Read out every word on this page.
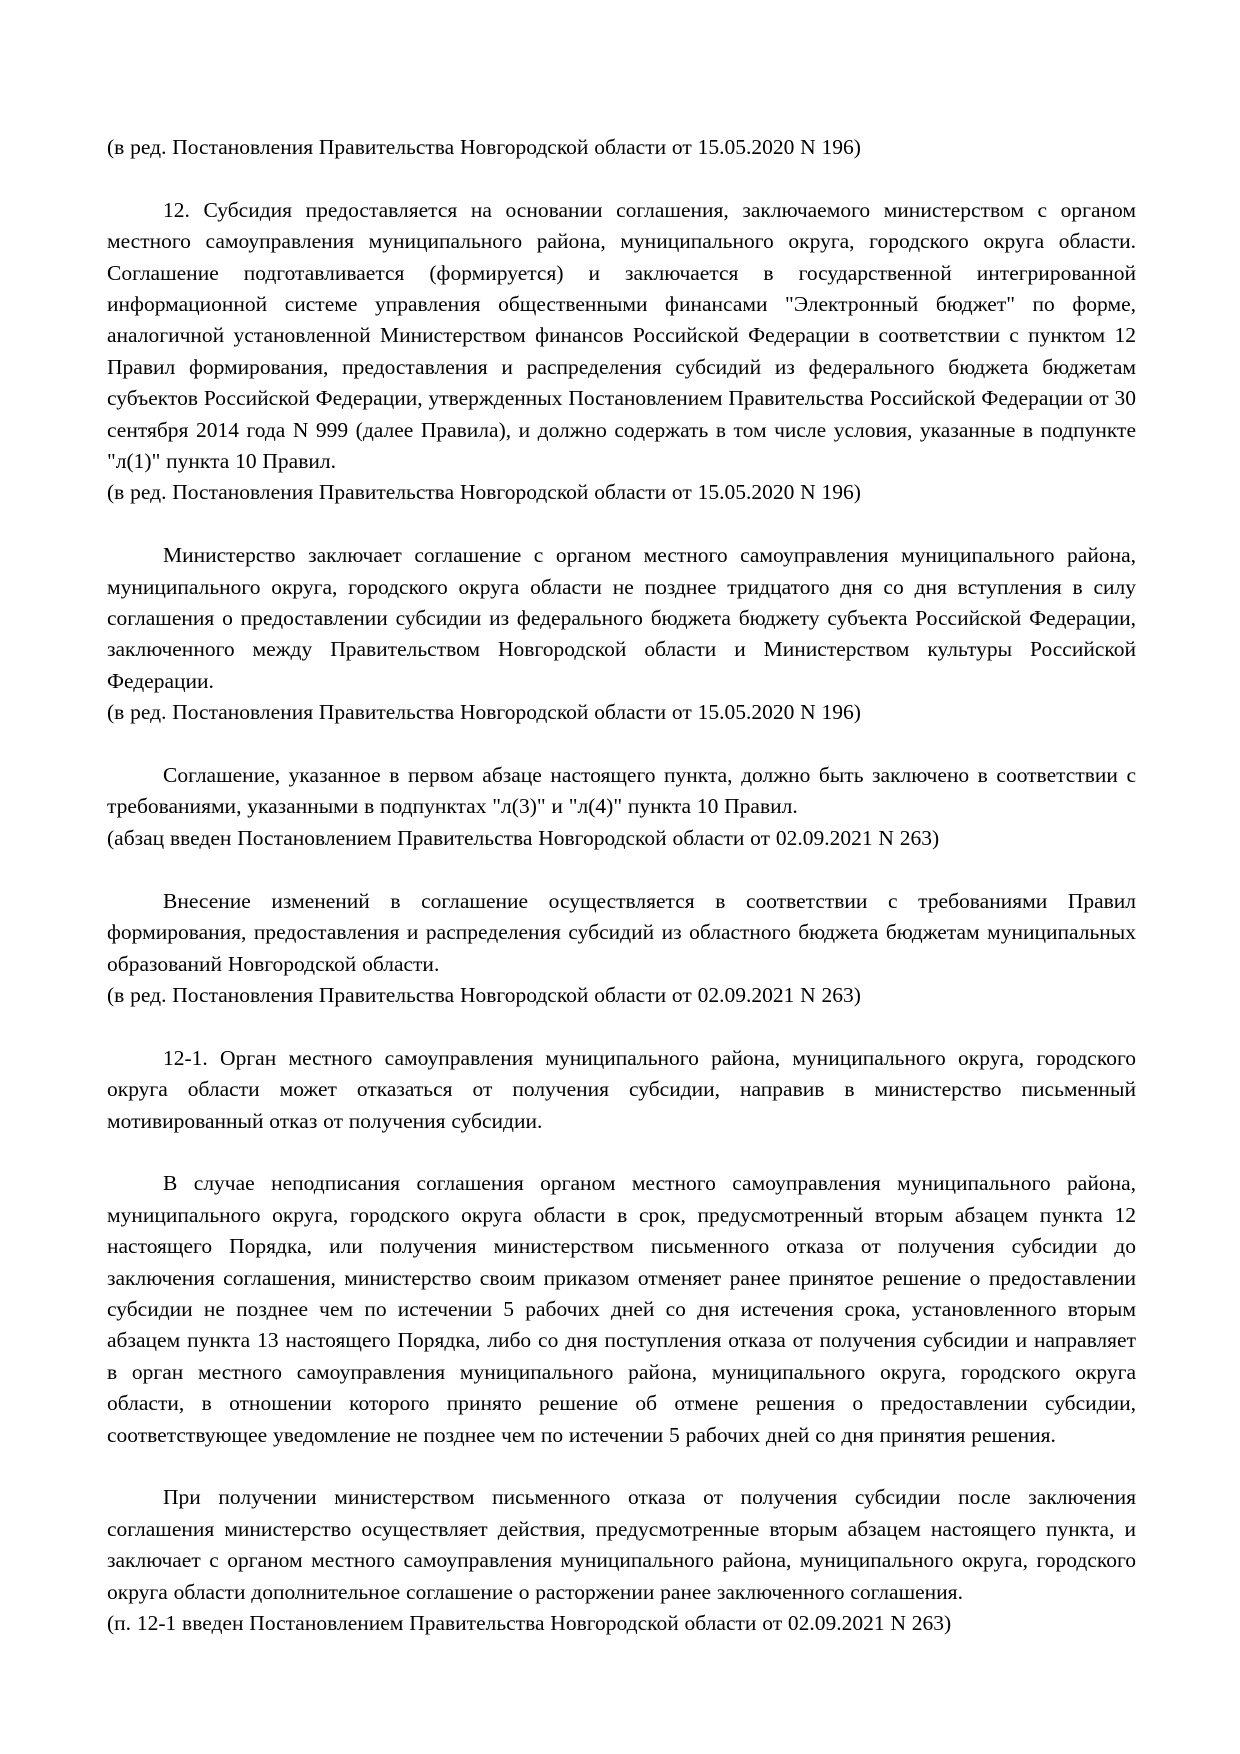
(в ред. Постановления Правительства Новгородской области от 15.05.2020 N 196)

12. Субсидия предоставляется на основании соглашения, заключаемого министерством с органом местного самоуправления муниципального района, муниципального округа, городского округа области. Соглашение подготавливается (формируется) и заключается в государственной интегрированной информационной системе управления общественными финансами "Электронный бюджет" по форме, аналогичной установленной Министерством финансов Российской Федерации в соответствии с пунктом 12 Правил формирования, предоставления и распределения субсидий из федерального бюджета бюджетам субъектов Российской Федерации, утвержденных Постановлением Правительства Российской Федерации от 30 сентября 2014 года N 999 (далее Правила), и должно содержать в том числе условия, указанные в подпункте "л(1)" пункта 10 Правил.

(в ред. Постановления Правительства Новгородской области от 15.05.2020 N 196)

Министерство заключает соглашение с органом местного самоуправления муниципального района, муниципального округа, городского округа области не позднее тридцатого дня со дня вступления в силу соглашения о предоставлении субсидии из федерального бюджета бюджету субъекта Российской Федерации, заключенного между Правительством Новгородской области и Министерством культуры Российской Федерации.

(в ред. Постановления Правительства Новгородской области от 15.05.2020 N 196)

Соглашение, указанное в первом абзаце настоящего пункта, должно быть заключено в соответствии с требованиями, указанными в подпунктах "л(3)" и "л(4)" пункта 10 Правил.

(абзац введен Постановлением Правительства Новгородской области от 02.09.2021 N 263)

Внесение изменений в соглашение осуществляется в соответствии с требованиями Правил формирования, предоставления и распределения субсидий из областного бюджета бюджетам муниципальных образований Новгородской области.

(в ред. Постановления Правительства Новгородской области от 02.09.2021 N 263)

12-1. Орган местного самоуправления муниципального района, муниципального округа, городского округа области может отказаться от получения субсидии, направив в министерство письменный мотивированный отказ от получения субсидии.

В случае неподписания соглашения органом местного самоуправления муниципального района, муниципального округа, городского округа области в срок, предусмотренный вторым абзацем пункта 12 настоящего Порядка, или получения министерством письменного отказа от получения субсидии до заключения соглашения, министерство своим приказом отменяет ранее принятое решение о предоставлении субсидии не позднее чем по истечении 5 рабочих дней со дня истечения срока, установленного вторым абзацем пункта 13 настоящего Порядка, либо со дня поступления отказа от получения субсидии и направляет в орган местного самоуправления муниципального района, муниципального округа, городского округа области, в отношении которого принято решение об отмене решения о предоставлении субсидии, соответствующее уведомление не позднее чем по истечении 5 рабочих дней со дня принятия решения.

При получении министерством письменного отказа от получения субсидии после заключения соглашения министерство осуществляет действия, предусмотренные вторым абзацем настоящего пункта, и заключает с органом местного самоуправления муниципального района, муниципального округа, городского округа области дополнительное соглашение о расторжении ранее заключенного соглашения.

(п. 12-1 введен Постановлением Правительства Новгородской области от 02.09.2021 N 263)
